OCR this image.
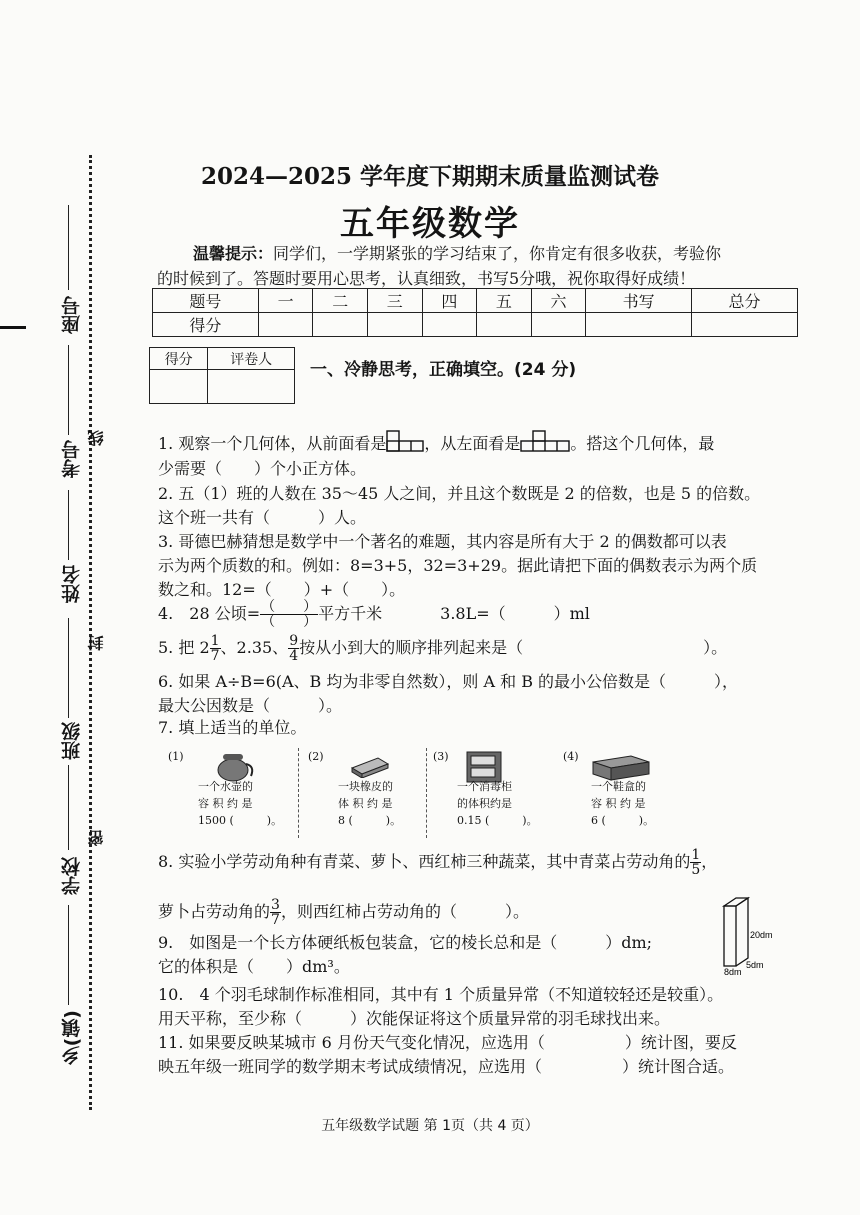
座号
考号
姓名
班级
学校
乡(镇)
线
封
密
2024—2025 学年度下期期末质量监测试卷
五年级数学
温馨提示：同学们，一学期紧张的学习结束了，你肯定有很多收获，考验你
的时候到了。答题时要用心思考，认真细致，书写5分哦，祝你取得好成绩！
题号	一	二	三	四	五	六	书写	总分
得分								
得分	评卷人

一、冷静思考，正确填空。(24 分)
1. 观察一个几何体，从前面看是 ，从左面看是	。搭这个几何体，最
少需要（　　）个小正方体。
2. 五（1）班的人数在 35～45 人之间，并且这个数既是 2 的倍数，也是 5 的倍数。
这个班一共有（　　　）人。
3. 哥德巴赫猜想是数学中一个著名的难题，其内容是所有大于 2 的偶数都可以表
示为两个质数的和。例如：8=3+5，32=3+29。据此请把下面的偶数表示为两个质
数之和。12=（　　）+（　　）。
4.　28 公顷= $\frac{( )}{( )}$ 平方千米	3.8L=（　　　）ml
5. 把 $2 \frac{1}{7}$ 、2.35、 $\frac{9}{4}$ 按从小到大的顺序排列起来是（	）。
6. 如果 A÷B=6(A、B 均为非零自然数），则 A 和 B 的最小公倍数是（　　　），
最大公因数是（　　　）。
7. 填上适当的单位。
(1)
一个水壶的
容 积 约 是
1500 (　　　)。
(2)
一块橡皮的
体 积 约 是
8 (　　　)。
(3)
一个消毒柜
的体积约是
0.15 (　　　)。
(4)
一个鞋盒的
容 积 约 是
6 (　　　)。
8. 实验小学劳动角种有青菜、萝卜、西红柿三种蔬菜，其中青菜占劳动角的 $\frac{1}{5}$ ，
萝卜占劳动角的 $\frac{3}{7}$ ，则西红柿占劳动角的（　　　）。
9.　如图是一个长方体硬纸板包装盒，它的棱长总和是（　　　）dm;
它的体积是（　　）dm³。
20dm
5dm
8dm
10.　4 个羽毛球制作标准相同，其中有 1 个质量异常（不知道较轻还是较重）。
用天平称，至少称（　　　）次能保证将这个质量异常的羽毛球找出来。
11. 如果要反映某城市 6 月份天气变化情况，应选用（　　　　　）统计图，要反
映五年级一班同学的数学期末考试成绩情况，应选用（　　　　　）统计图合适。
五年级数学试题 第 1页（共 4 页）
